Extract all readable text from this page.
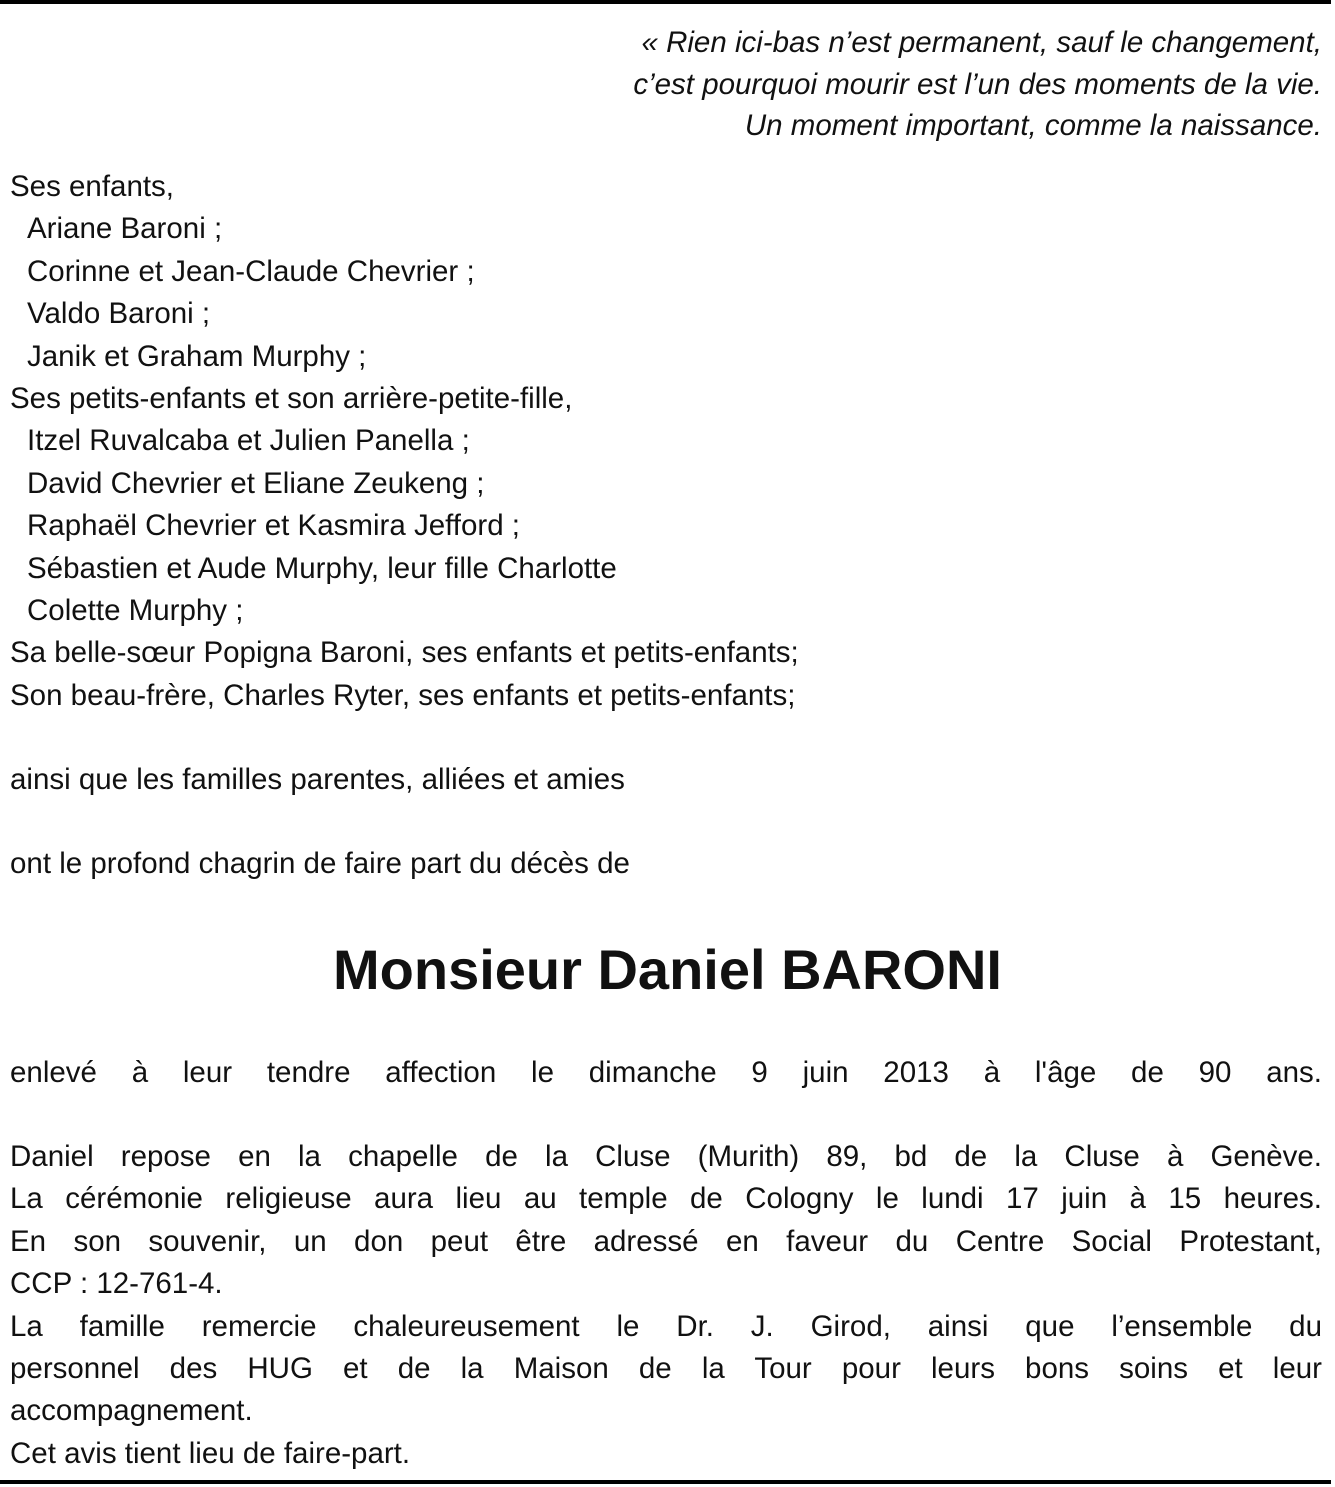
« Rien ici-bas n’est permanent, sauf le changement,
c’est pourquoi mourir est l’un des moments de la vie.
Un moment important, comme la naissance.
Ses enfants,
Ariane Baroni ;
Corinne et Jean-Claude Chevrier ;
Valdo Baroni ;
Janik et Graham Murphy ;
Ses petits-enfants et son arrière-petite-fille,
Itzel Ruvalcaba et Julien Panella ;
David Chevrier et Eliane Zeukeng ;
Raphaël Chevrier et Kasmira Jefford ;
Sébastien et Aude Murphy, leur fille Charlotte
Colette Murphy ;
Sa belle-sœur Popigna Baroni, ses enfants et petits-enfants;
Son beau-frère, Charles Ryter, ses enfants et petits-enfants;
ainsi que les familles parentes, alliées et amies
ont le profond chagrin de faire part du décès de
Monsieur Daniel BARONI
enlevé à leur tendre affection le dimanche 9 juin 2013 à l'âge de 90 ans.
Daniel repose en la chapelle de la Cluse (Murith) 89, bd de la Cluse à Genève.
La cérémonie religieuse aura lieu au temple de Cologny le lundi 17 juin à 15 heures.
En son souvenir, un don peut être adressé en faveur du Centre Social Protestant,
CCP : 12-761-4.
La famille remercie chaleureusement le Dr. J. Girod, ainsi que l’ensemble du
personnel des HUG et de la Maison de la Tour pour leurs bons soins et leur
accompagnement.
Cet avis tient lieu de faire-part.
